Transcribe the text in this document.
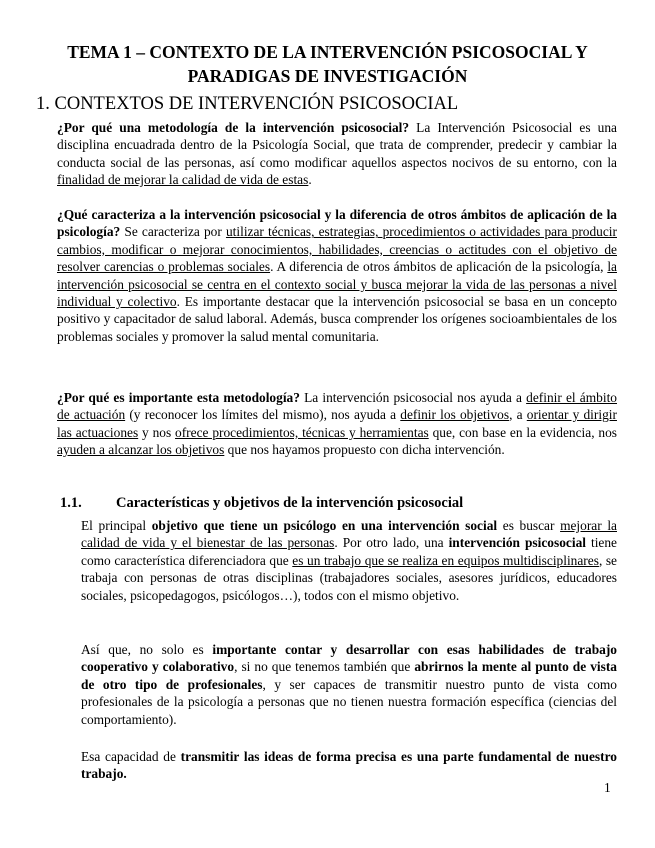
TEMA 1 – CONTEXTO DE LA INTERVENCIÓN PSICOSOCIAL Y
PARADIGAS DE INVESTIGACIÓN
1. CONTEXTOS DE INTERVENCIÓN PSICOSOCIAL

¿Por qué una metodología de la intervención psicosocial? La Intervención Psicosocial es una disciplina encuadrada dentro de la Psicología Social, que trata de comprender, predecir y cambiar la conducta social de las personas, así como modificar aquellos aspectos nocivos de su entorno, con la finalidad de mejorar la calidad de vida de estas.

¿Qué caracteriza a la intervención psicosocial y la diferencia de otros ámbitos de aplicación de la psicología? Se caracteriza por utilizar técnicas, estrategias, procedimientos o actividades para producir cambios, modificar o mejorar conocimientos, habilidades, creencias o actitudes con el objetivo de resolver carencias o problemas sociales. A diferencia de otros ámbitos de aplicación de la psicología, la intervención psicosocial se centra en el contexto social y busca mejorar la vida de las personas a nivel individual y colectivo. Es importante destacar que la intervención psicosocial se basa en un concepto positivo y capacitador de salud laboral. Además, busca comprender los orígenes socioambientales de los problemas sociales y promover la salud mental comunitaria.

¿Por qué es importante esta metodología? La intervención psicosocial nos ayuda a definir el ámbito de actuación (y reconocer los límites del mismo), nos ayuda a definir los objetivos, a orientar y dirigir las actuaciones y nos ofrece procedimientos, técnicas y herramientas que, con base en la evidencia, nos ayuden a alcanzar los objetivos que nos hayamos propuesto con dicha intervención.

1.1. Características y objetivos de la intervención psicosocial

El principal objetivo que tiene un psicólogo en una intervención social es buscar mejorar la calidad de vida y el bienestar de las personas. Por otro lado, una intervención psicosocial tiene como característica diferenciadora que es un trabajo que se realiza en equipos multidisciplinares, se trabaja con personas de otras disciplinas (trabajadores sociales, asesores jurídicos, educadores sociales, psicopedagogos, psicólogos…), todos con el mismo objetivo.

Así que, no solo es importante contar y desarrollar con esas habilidades de trabajo cooperativo y colaborativo, si no que tenemos también que abrirnos la mente al punto de vista de otro tipo de profesionales, y ser capaces de transmitir nuestro punto de vista como profesionales de la psicología a personas que no tienen nuestra formación específica (ciencias del comportamiento).

Esa capacidad de transmitir las ideas de forma precisa es una parte fundamental de nuestro trabajo.

1
